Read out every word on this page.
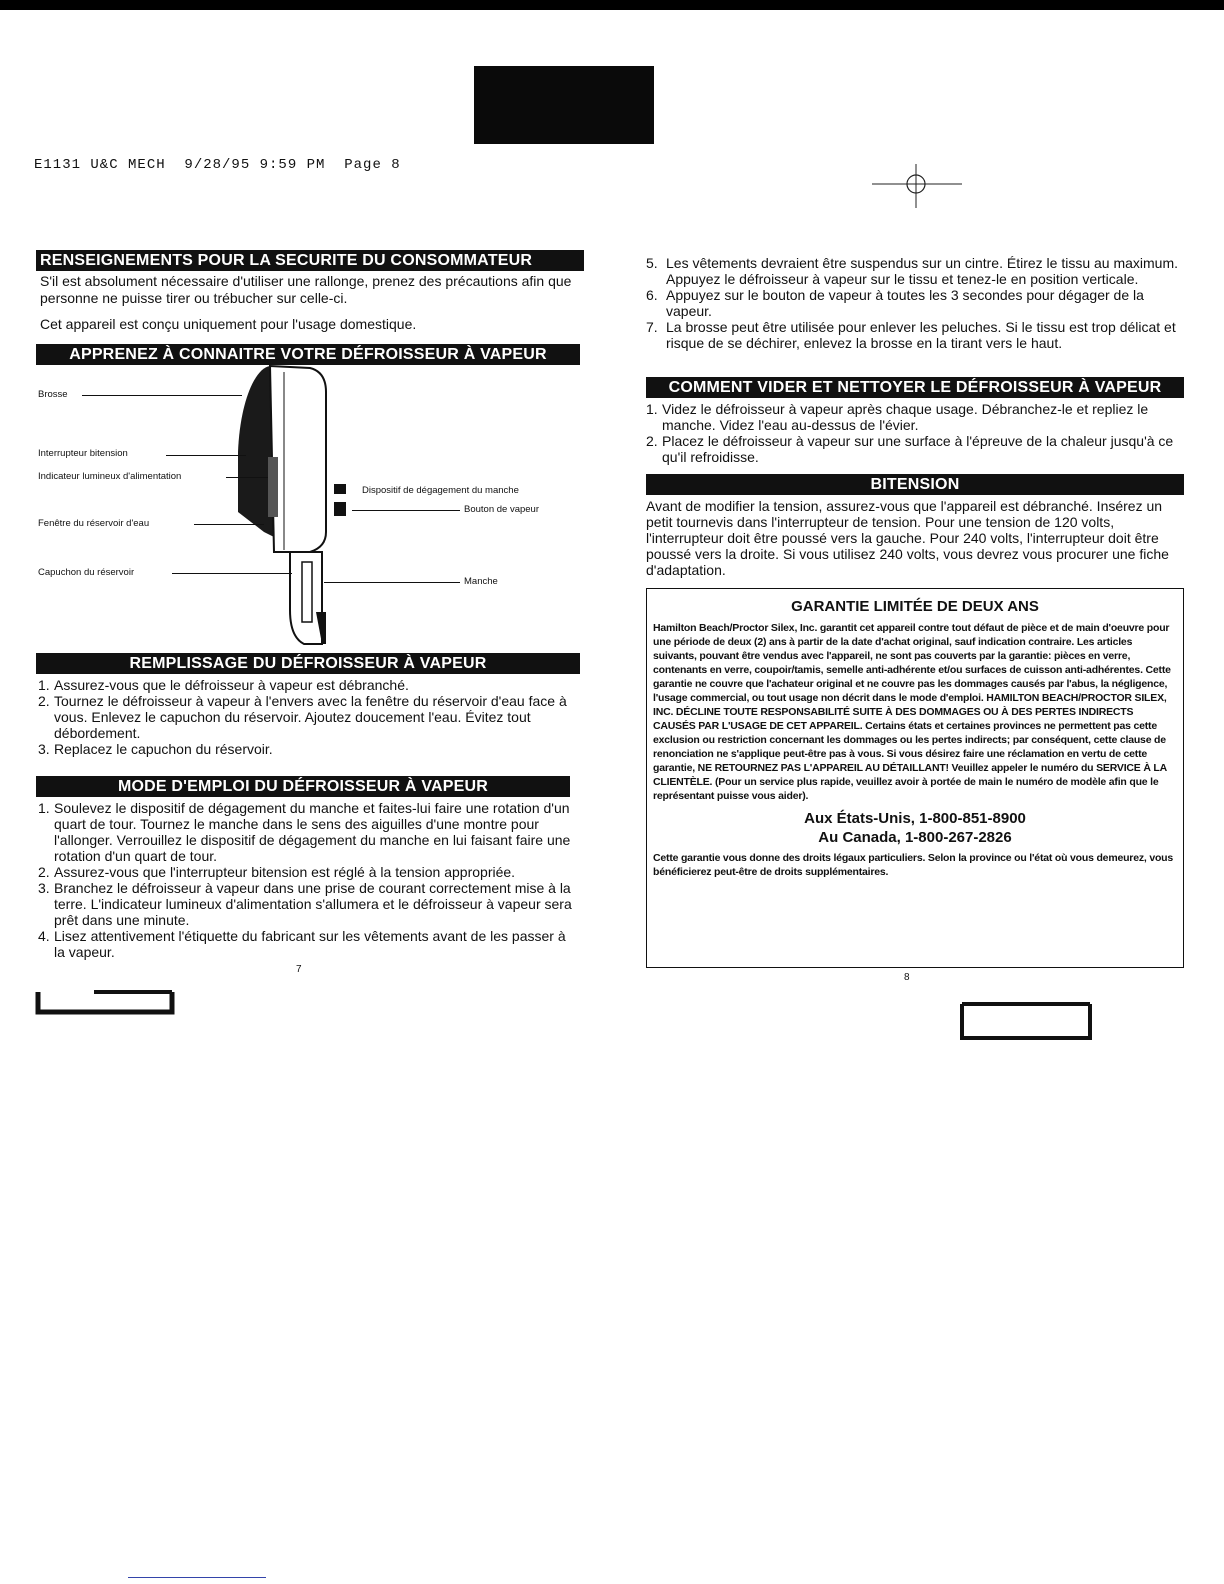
E1131 U&C MECH  9/28/95 9:59 PM  Page 8
RENSEIGNEMENTS POUR LA SECURITE DU CONSOMMATEUR
S'il est absolument nécessaire d'utiliser une rallonge, prenez des précautions afin que personne ne puisse tirer ou trébucher sur celle-ci.
Cet appareil est conçu uniquement pour l'usage domestique.
APPRENEZ À CONNAITRE VOTRE DÉFROISSEUR À VAPEUR
Brosse
Interrupteur bitension
Indicateur lumineux d'alimentation
Fenêtre du réservoir d'eau
Capuchon du réservoir
Dispositif de dégagement du manche
Bouton de vapeur
Manche
REMPLISSAGE DU DÉFROISSEUR À VAPEUR
1. Assurez-vous que le défroisseur à vapeur est débranché.
2. Tournez le défroisseur à vapeur à l'envers avec la fenêtre du réservoir d'eau face à vous. Enlevez le capuchon du réservoir. Ajoutez doucement l'eau. Évitez tout débordement.
3. Replacez le capuchon du réservoir.
MODE D'EMPLOI DU DÉFROISSEUR À VAPEUR
1. Soulevez le dispositif de dégagement du manche et faites-lui faire une rotation d'un quart de tour. Tournez le manche dans le sens des aiguilles d'une montre pour l'allonger. Verrouillez le dispositif de dégagement du manche en lui faisant faire une rotation d'un quart de tour.
2. Assurez-vous que l'interrupteur bitension est réglé à la tension appropriée.
3. Branchez le défroisseur à vapeur dans une prise de courant correctement mise à la terre. L'indicateur lumineux d'alimentation s'allumera et le défroisseur à vapeur sera prêt dans une minute.
4. Lisez attentivement l'étiquette du fabricant sur les vêtements avant de les passer à la vapeur.
7
5. Les vêtements devraient être suspendus sur un cintre. Étirez le tissu au maximum. Appuyez le défroisseur à vapeur sur le tissu et tenez-le en position verticale.
6. Appuyez sur le bouton de vapeur à toutes les 3 secondes pour dégager de la vapeur.
7. La brosse peut être utilisée pour enlever les peluches. Si le tissu est trop délicat et risque de se déchirer, enlevez la brosse en la tirant vers le haut.
COMMENT VIDER ET NETTOYER LE DÉFROISSEUR À VAPEUR
1. Videz le défroisseur à vapeur après chaque usage. Débranchez-le et repliez le manche. Videz l'eau au-dessus de l'évier.
2. Placez le défroisseur à vapeur sur une surface à l'épreuve de la chaleur jusqu'à ce qu'il refroidisse.
BITENSION
Avant de modifier la tension, assurez-vous que l'appareil est débranché. Insérez un petit tournevis dans l'interrupteur de tension. Pour une tension de 120 volts, l'interrupteur doit être poussé vers la gauche. Pour 240 volts, l'interrupteur doit être poussé vers la droite. Si vous utilisez 240 volts, vous devrez vous procurer une fiche d'adaptation.
GARANTIE LIMITÉE DE DEUX ANS
Hamilton Beach/Proctor Silex, Inc. garantit cet appareil contre tout défaut de pièce et de main d'oeuvre pour une période de deux (2) ans à partir de la date d'achat original, sauf indication contraire. Les articles suivants, pouvant être vendus avec l'appareil, ne sont pas couverts par la garantie: pièces en verre, contenants en verre, coupoir/tamis, semelle anti-adhérente et/ou surfaces de cuisson anti-adhérentes. Cette garantie ne couvre que l'achateur original et ne couvre pas les dommages causés par l'abus, la négligence, l'usage commercial, ou tout usage non décrit dans le mode d'emploi. HAMILTON BEACH/PROCTOR SILEX, INC. DÉCLINE TOUTE RESPONSABILITÉ SUITE À DES DOMMAGES OU À DES PERTES INDIRECTS CAUSÉS PAR L'USAGE DE CET APPAREIL. Certains états et certaines provinces ne permettent pas cette exclusion ou restriction concernant les dommages ou les pertes indirects; par conséquent, cette clause de renonciation ne s'applique peut-être pas à vous. Si vous désirez faire une réclamation en vertu de cette garantie, NE RETOURNEZ PAS L'APPAREIL AU DÉTAILLANT! Veuillez appeler le numéro du SERVICE À LA CLIENTÈLE. (Pour un service plus rapide, veuillez avoir à portée de main le numéro de modèle afin que le représentant puisse vous aider).
Aux États-Unis, 1-800-851-8900
Au Canada, 1-800-267-2826
Cette garantie vous donne des droits légaux particuliers. Selon la province ou l'état où vous demeurez, vous bénéficierez peut-être de droits supplémentaires.
8
